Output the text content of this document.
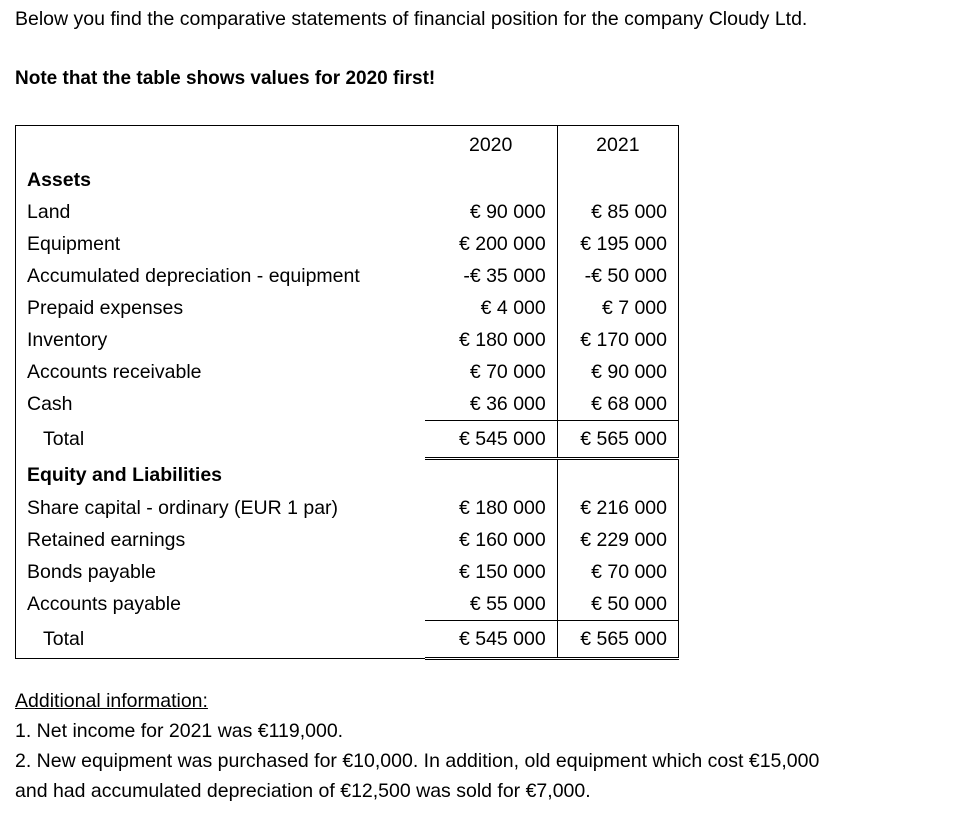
Below you find the comparative statements of financial position for the company Cloudy Ltd.
Note that the table shows values for 2020 first!
	2020	2021
Assets		
Land	€ 90 000	€ 85 000
Equipment	€ 200 000	€ 195 000
Accumulated depreciation - equipment	-€ 35 000	-€ 50 000
Prepaid expenses	€ 4 000	€ 7 000
Inventory	€ 180 000	€ 170 000
Accounts receivable	€ 70 000	€ 90 000
Cash	€ 36 000	€ 68 000
Total	€ 545 000	€ 565 000
Equity and Liabilities		
Share capital - ordinary (EUR 1 par)	€ 180 000	€ 216 000
Retained earnings	€ 160 000	€ 229 000
Bonds payable	€ 150 000	€ 70 000
Accounts payable	€ 55 000	€ 50 000
Total	€ 545 000	€ 565 000
Additional information:
1. Net income for 2021 was €119,000.
2. New equipment was purchased for €10,000. In addition, old equipment which cost €15,000
and had accumulated depreciation of €12,500 was sold for €7,000.
